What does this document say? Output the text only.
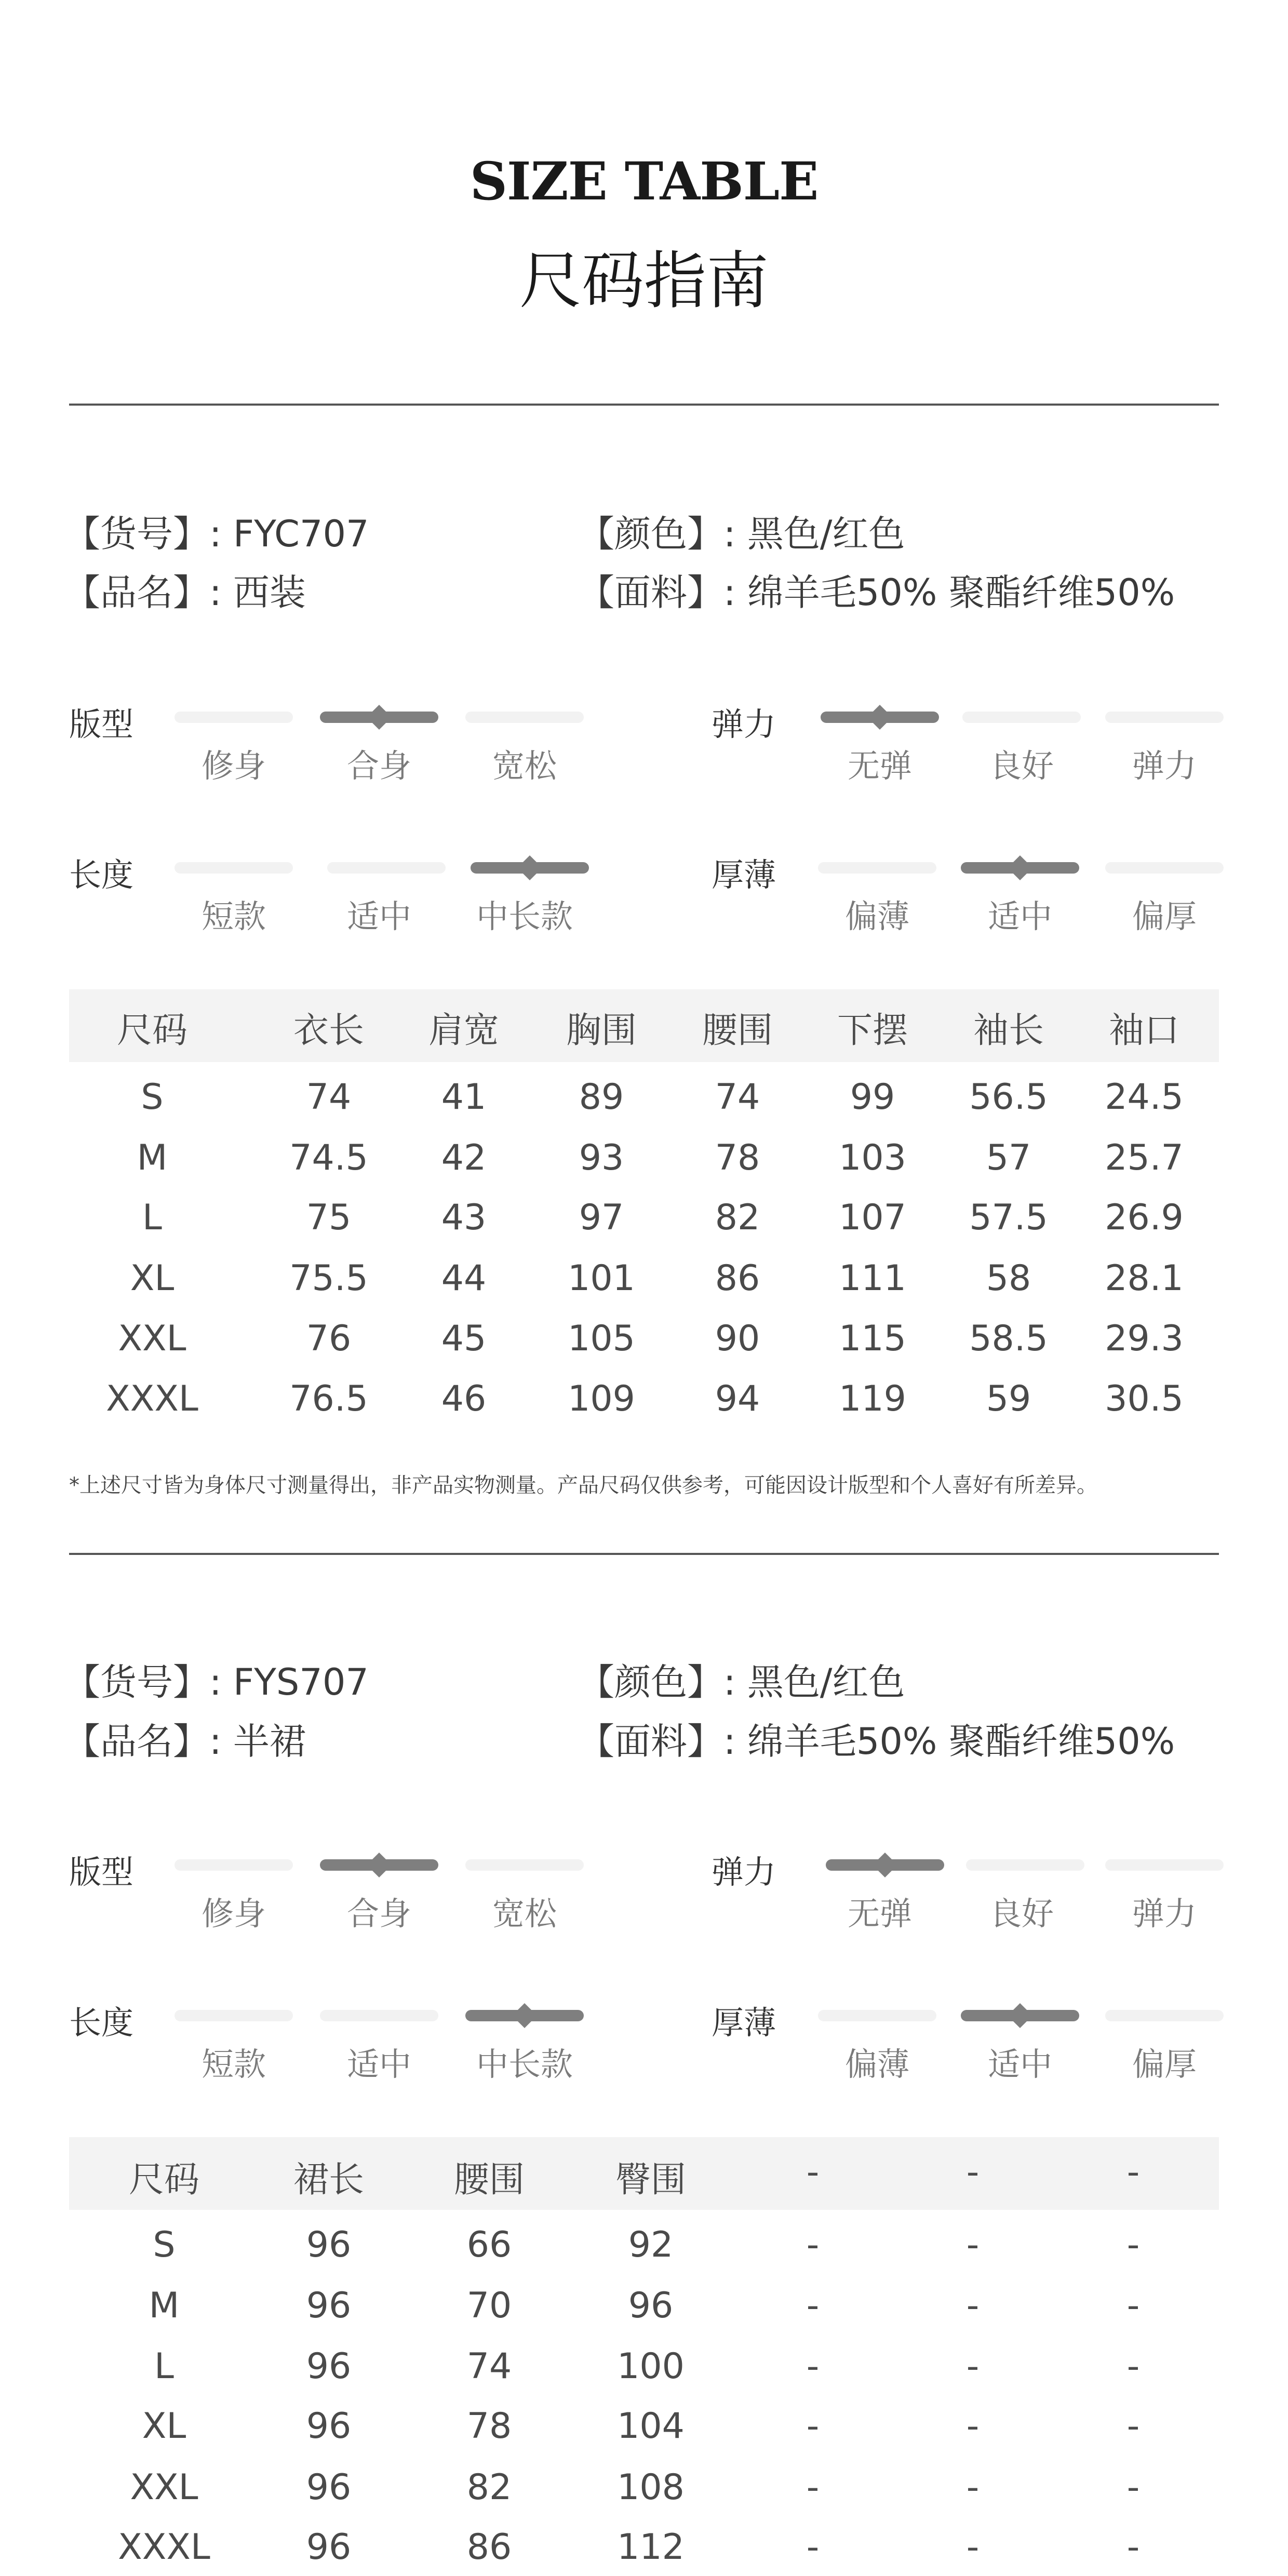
SIZE TABLE
尺码指南
【货号】: FYC707
【品名】: 西装
【颜色】: 黑色/红色
【面料】: 绵羊毛50% 聚酯纤维50%
版型
修身	合身	宽松
弹力
无弹	良好	弹力
长度
短款	适中	中长款
厚薄
偏薄	适中	偏厚
尺码	衣长	肩宽	胸围	腰围	下摆	袖长	袖口
S	74	41	89	74	99	56.5	24.5
M	74.5	42	93	78	103	57	25.7
L	75	43	97	82	107	57.5	26.9
XL	75.5	44	101	86	111	58	28.1
XXL	76	45	105	90	115	58.5	29.3
XXXL	76.5	46	109	94	119	59	30.5
*上述尺寸皆为身体尺寸测量得出，非产品实物测量。产品尺码仅供参考，可能因设计版型和个人喜好有所差异。
【货号】: FYS707
【品名】: 半裙
【颜色】: 黑色/红色
【面料】: 绵羊毛50% 聚酯纤维50%
版型
修身	合身	宽松
弹力
无弹	良好	弹力
长度
短款	适中	中长款
厚薄
偏薄	适中	偏厚
尺码	裙长	腰围	臀围	-	-	-
S	96	66	92	-	-	-
M	96	70	96	-	-	-
L	96	74	100	-	-	-
XL	96	78	104	-	-	-
XXL	96	82	108	-	-	-
XXXL	96	86	112	-	-	-
